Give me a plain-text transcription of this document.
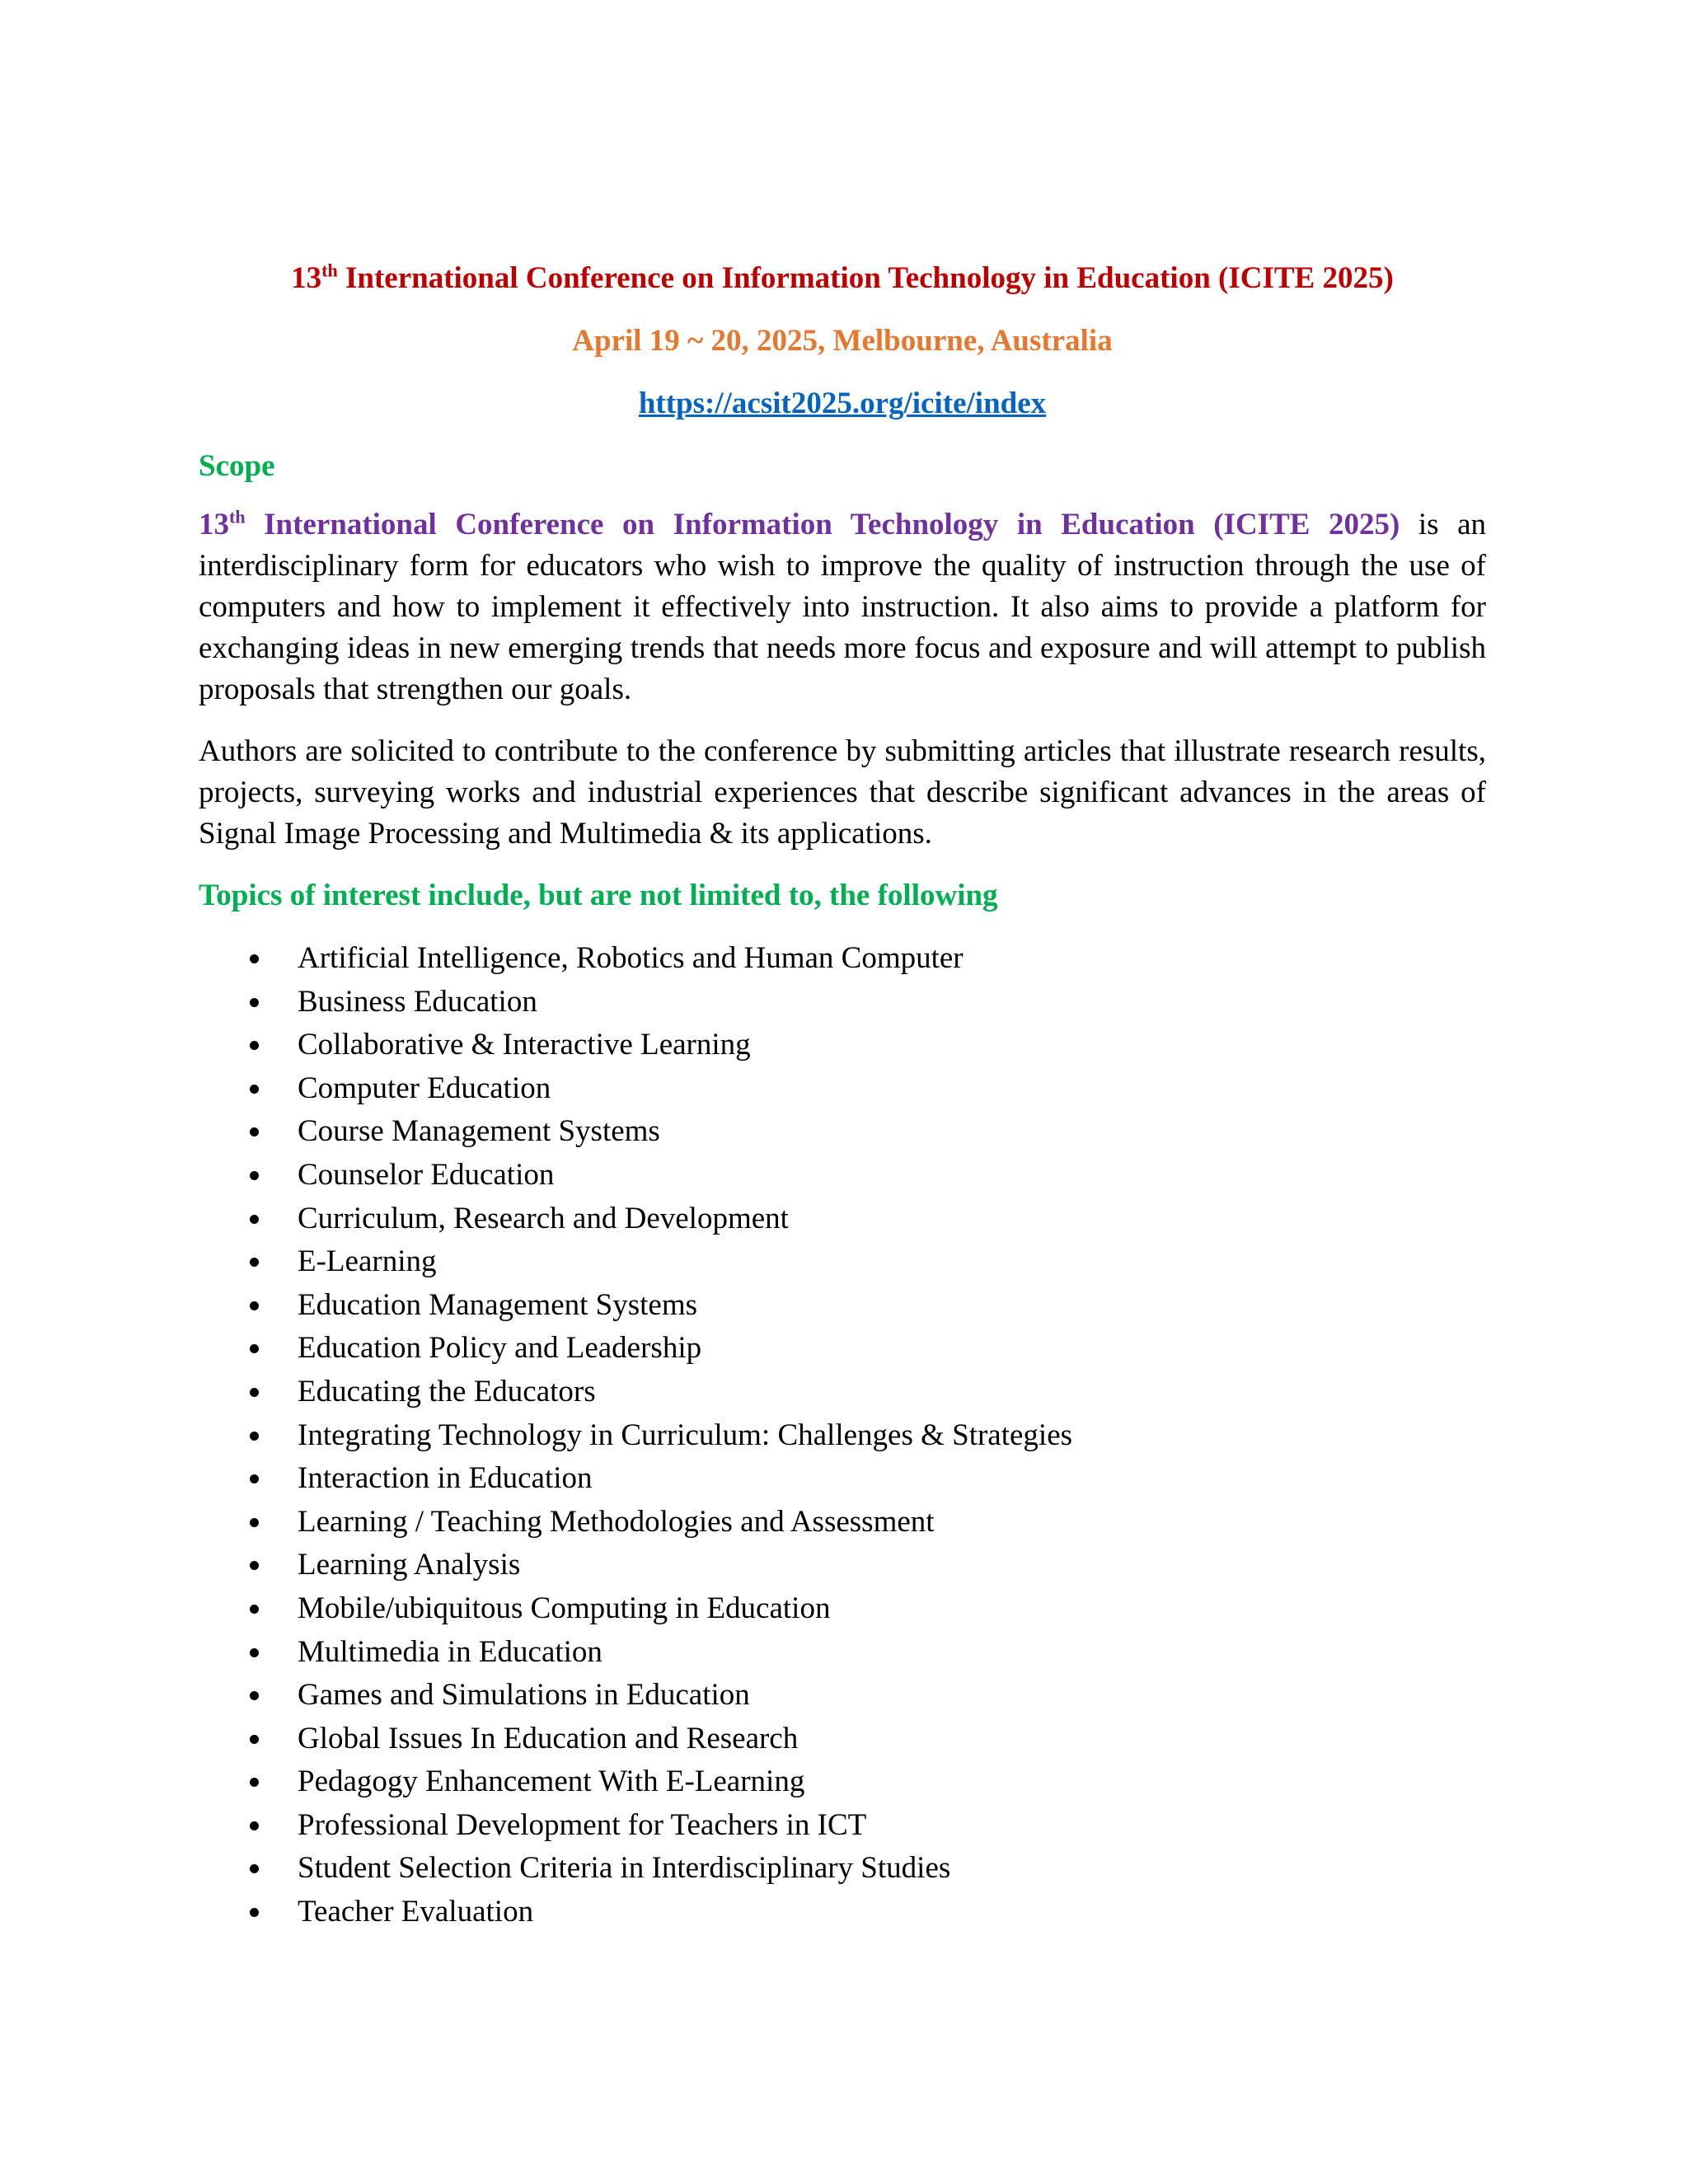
13th International Conference on Information Technology in Education (ICITE 2025)

April 19 ~ 20, 2025, Melbourne, Australia

https://acsit2025.org/icite/index

Scope

13th International Conference on Information Technology in Education (ICITE 2025) is an interdisciplinary form for educators who wish to improve the quality of instruction through the use of computers and how to implement it effectively into instruction. It also aims to provide a platform for exchanging ideas in new emerging trends that needs more focus and exposure and will attempt to publish proposals that strengthen our goals.

Authors are solicited to contribute to the conference by submitting articles that illustrate research results, projects, surveying works and industrial experiences that describe significant advances in the areas of Signal Image Processing and Multimedia & its applications.

Topics of interest include, but are not limited to, the following

Artificial Intelligence, Robotics and Human Computer
Business Education
Collaborative & Interactive Learning
Computer Education
Course Management Systems
Counselor Education
Curriculum, Research and Development
E-Learning
Education Management Systems
Education Policy and Leadership
Educating the Educators
Integrating Technology in Curriculum: Challenges & Strategies
Interaction in Education
Learning / Teaching Methodologies and Assessment
Learning Analysis
Mobile/ubiquitous Computing in Education
Multimedia in Education
Games and Simulations in Education
Global Issues In Education and Research
Pedagogy Enhancement With E-Learning
Professional Development for Teachers in ICT
Student Selection Criteria in Interdisciplinary Studies
Teacher Evaluation
